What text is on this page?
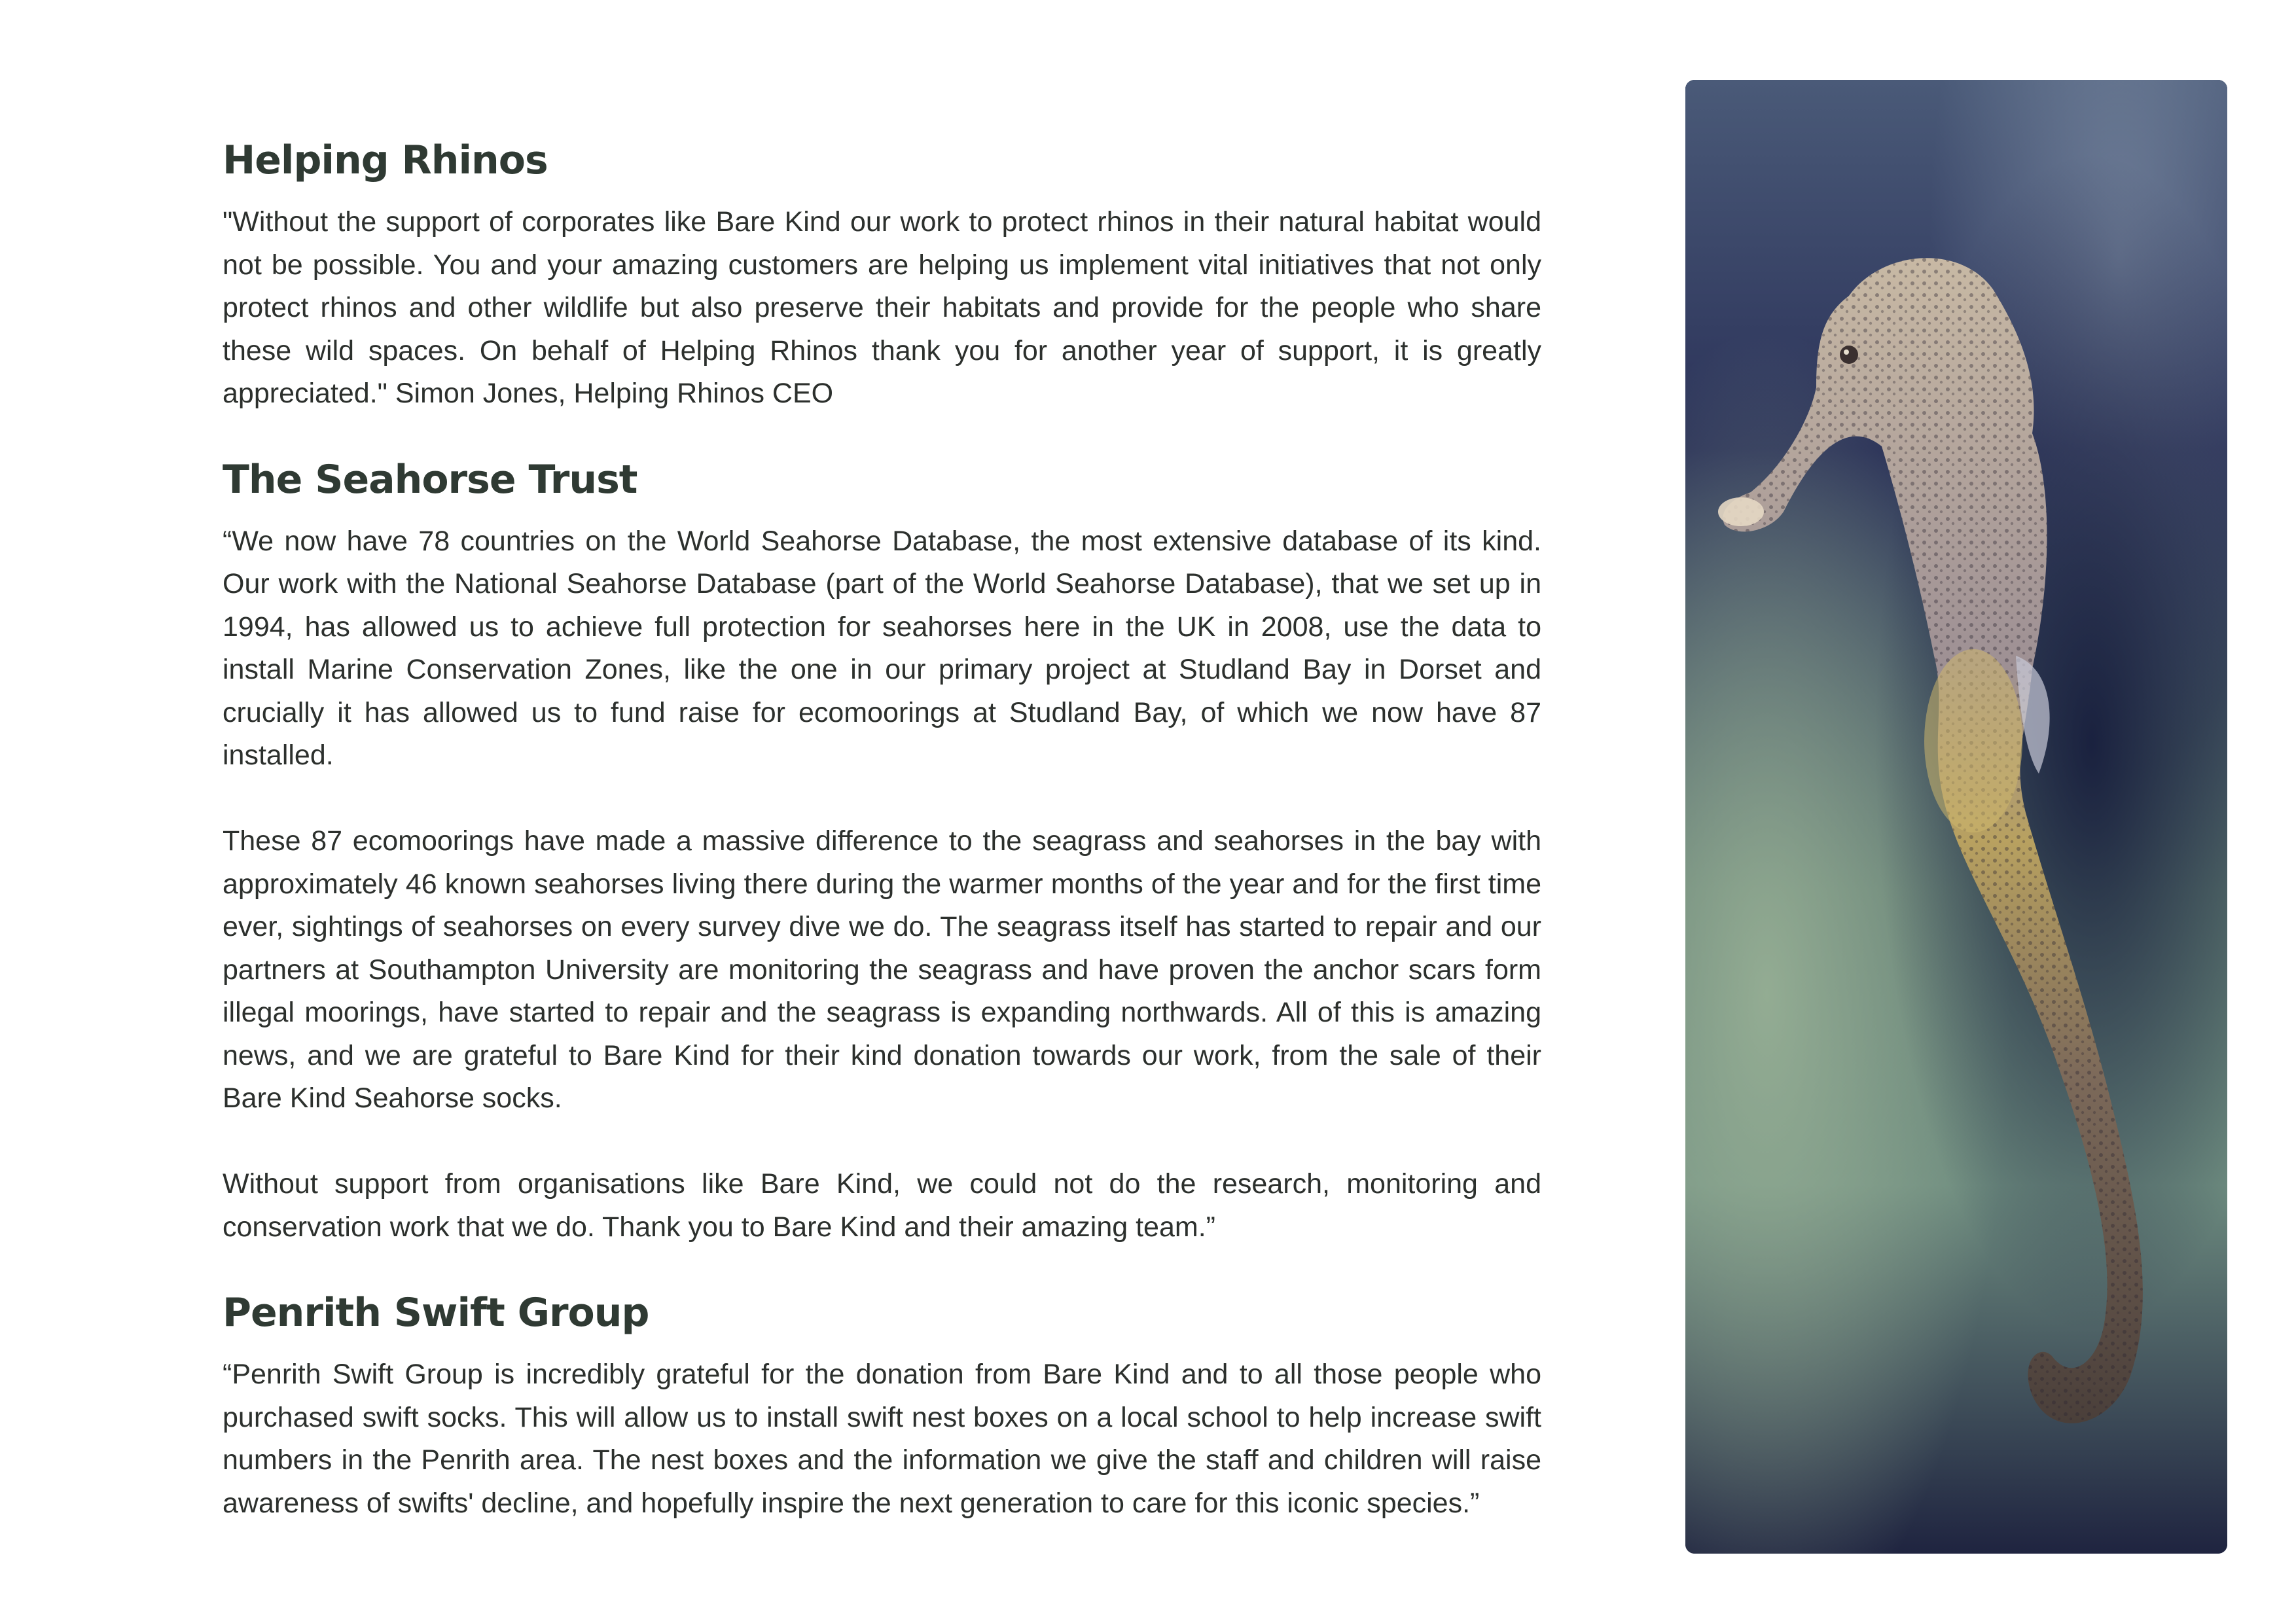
Helping Rhinos

"Without the support of corporates like Bare Kind our work to protect rhinos in their natural habitat would not be possible. You and your amazing customers are helping us implement vital initiatives that not only protect rhinos and other wildlife but also preserve their habitats and provide for the people who share these wild spaces. On behalf of Helping Rhinos thank you for another year of support, it is greatly appreciated." Simon Jones, Helping Rhinos CEO

The Seahorse Trust

“We now have 78 countries on the World Seahorse Database, the most extensive database of its kind. Our work with the National Seahorse Database (part of the World Seahorse Database), that we set up in 1994, has allowed us to achieve full protection for seahorses here in the UK in 2008, use the data to install Marine Conservation Zones, like the one in our primary project at Studland Bay in Dorset and crucially it has allowed us to fund raise for ecomoorings at Studland Bay, of which we now have 87 installed.

These 87 ecomoorings have made a massive difference to the seagrass and seahorses in the bay with approximately 46 known seahorses living there during the warmer months of the year and for the first time ever, sightings of seahorses on every survey dive we do. The seagrass itself has started to repair and our partners at Southampton University are monitoring the seagrass and have proven the anchor scars form illegal moorings, have started to repair and the seagrass is expanding northwards. All of this is amazing news, and we are grateful to Bare Kind for their kind donation towards our work, from the sale of their Bare Kind Seahorse socks.

Without support from organisations like Bare Kind, we could not do the research, monitoring and conservation work that we do. Thank you to Bare Kind and their amazing team.”

Penrith Swift Group

“Penrith Swift Group is incredibly grateful for the donation from Bare Kind and to all those people who purchased swift socks. This will allow us to install swift nest boxes on a local school to help increase swift numbers in the Penrith area. The nest boxes and the information we give the staff and children will raise awareness of swifts' decline, and hopefully inspire the next generation to care for this iconic species.”
